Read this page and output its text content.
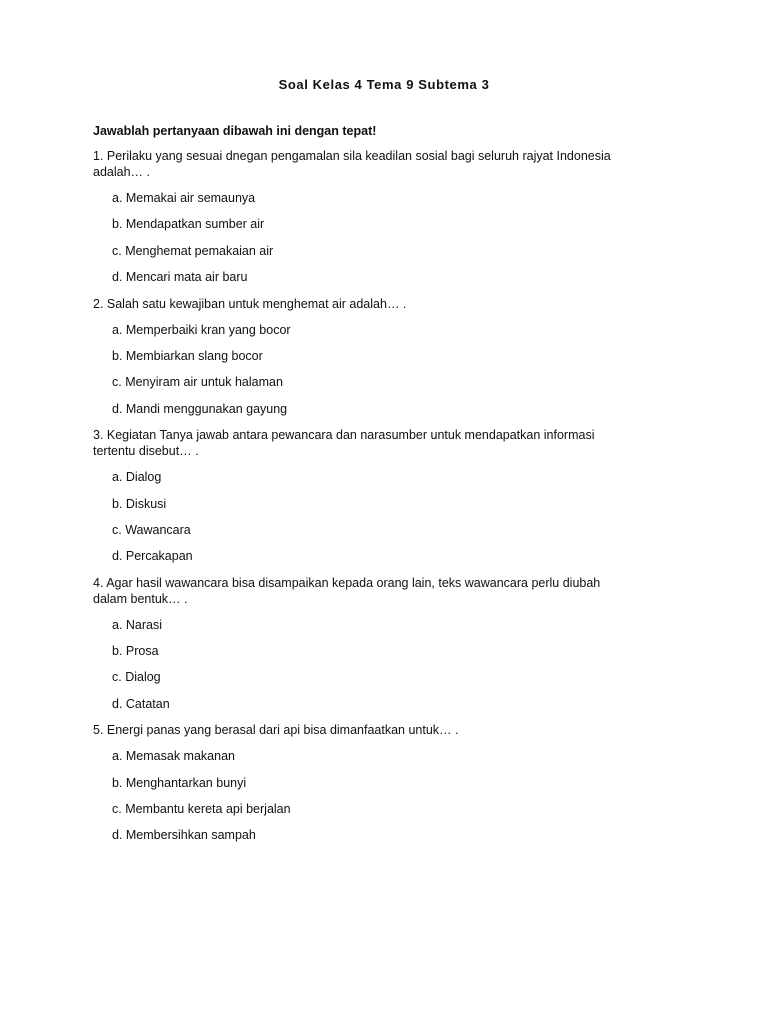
Soal Kelas 4 Tema 9 Subtema 3
Jawablah pertanyaan dibawah ini dengan tepat!

1. Perilaku yang sesuai dnegan pengamalan sila keadilan sosial bagi seluruh rajyat Indonesia
adalah… .

a. Memakai air semaunya
b. Mendapatkan sumber air
c. Menghemat pemakaian air
d. Mencari mata air baru

2. Salah satu kewajiban untuk menghemat air adalah… .

a. Memperbaiki kran yang bocor
b. Membiarkan slang bocor
c. Menyiram air untuk halaman
d. Mandi menggunakan gayung

3. Kegiatan Tanya jawab antara pewancara dan narasumber untuk mendapatkan informasi
tertentu disebut… .

a. Dialog
b. Diskusi
c. Wawancara
d. Percakapan

4. Agar hasil wawancara bisa disampaikan kepada orang lain, teks wawancara perlu diubah
dalam bentuk… .

a. Narasi
b. Prosa
c. Dialog
d. Catatan

5. Energi panas yang berasal dari api bisa dimanfaatkan untuk… .

a. Memasak makanan
b. Menghantarkan bunyi
c. Membantu kereta api berjalan
d. Membersihkan sampah
